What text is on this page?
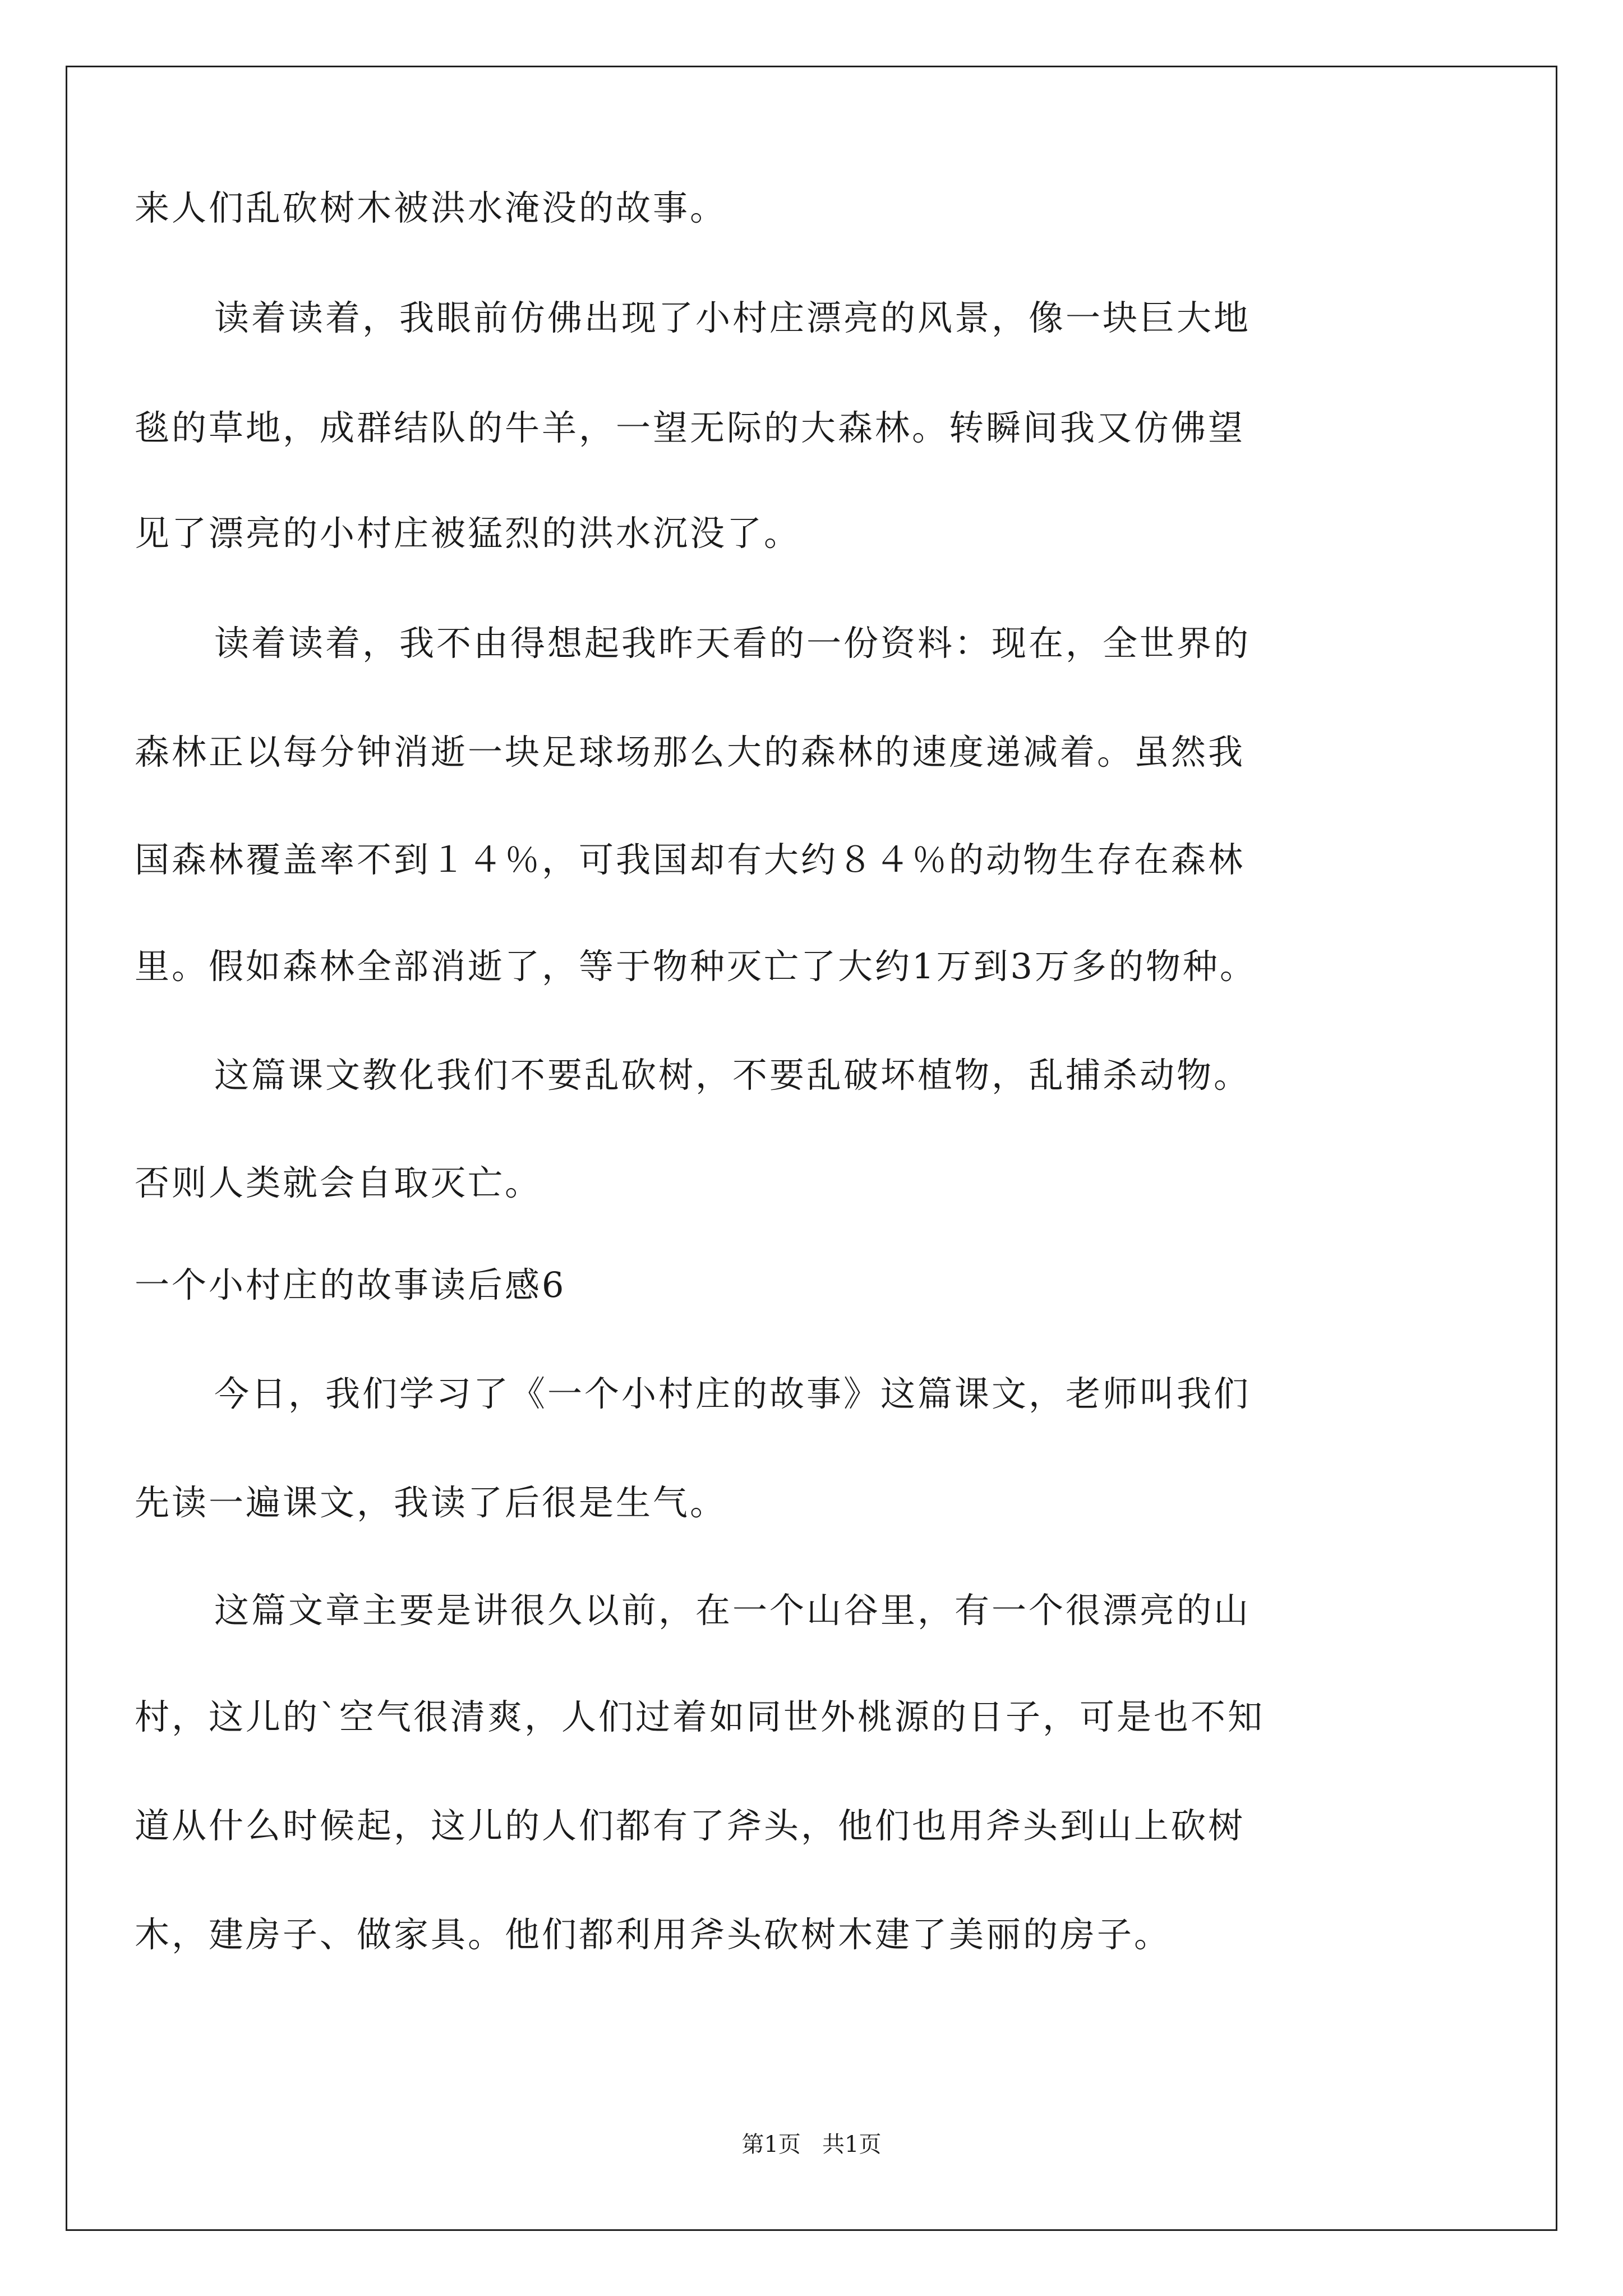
来人们乱砍树木被洪水淹没的故事。

读着读着，我眼前仿佛出现了小村庄漂亮的风景，像一块巨大地

毯的草地，成群结队的牛羊，一望无际的大森林。转瞬间我又仿佛望

见了漂亮的小村庄被猛烈的洪水沉没了。

读着读着，我不由得想起我昨天看的一份资料：现在，全世界的

森林正以每分钟消逝一块足球场那么大的森林的速度递减着。虽然我

国森林覆盖率不到１４％，可我国却有大约８４％的动物生存在森林

里。假如森林全部消逝了，等于物种灭亡了大约1万到3万多的物种。

这篇课文教化我们不要乱砍树，不要乱破坏植物，乱捕杀动物。

否则人类就会自取灭亡。

一个小村庄的故事读后感6

今日，我们学习了《一个小村庄的故事》这篇课文，老师叫我们

先读一遍课文，我读了后很是生气。

这篇文章主要是讲很久以前，在一个山谷里，有一个很漂亮的山

村，这儿的`空气很清爽，人们过着如同世外桃源的日子，可是也不知

道从什么时候起，这儿的人们都有了斧头，他们也用斧头到山上砍树

木，建房子、做家具。他们都利用斧头砍树木建了美丽的房子。

第1页   共1页
